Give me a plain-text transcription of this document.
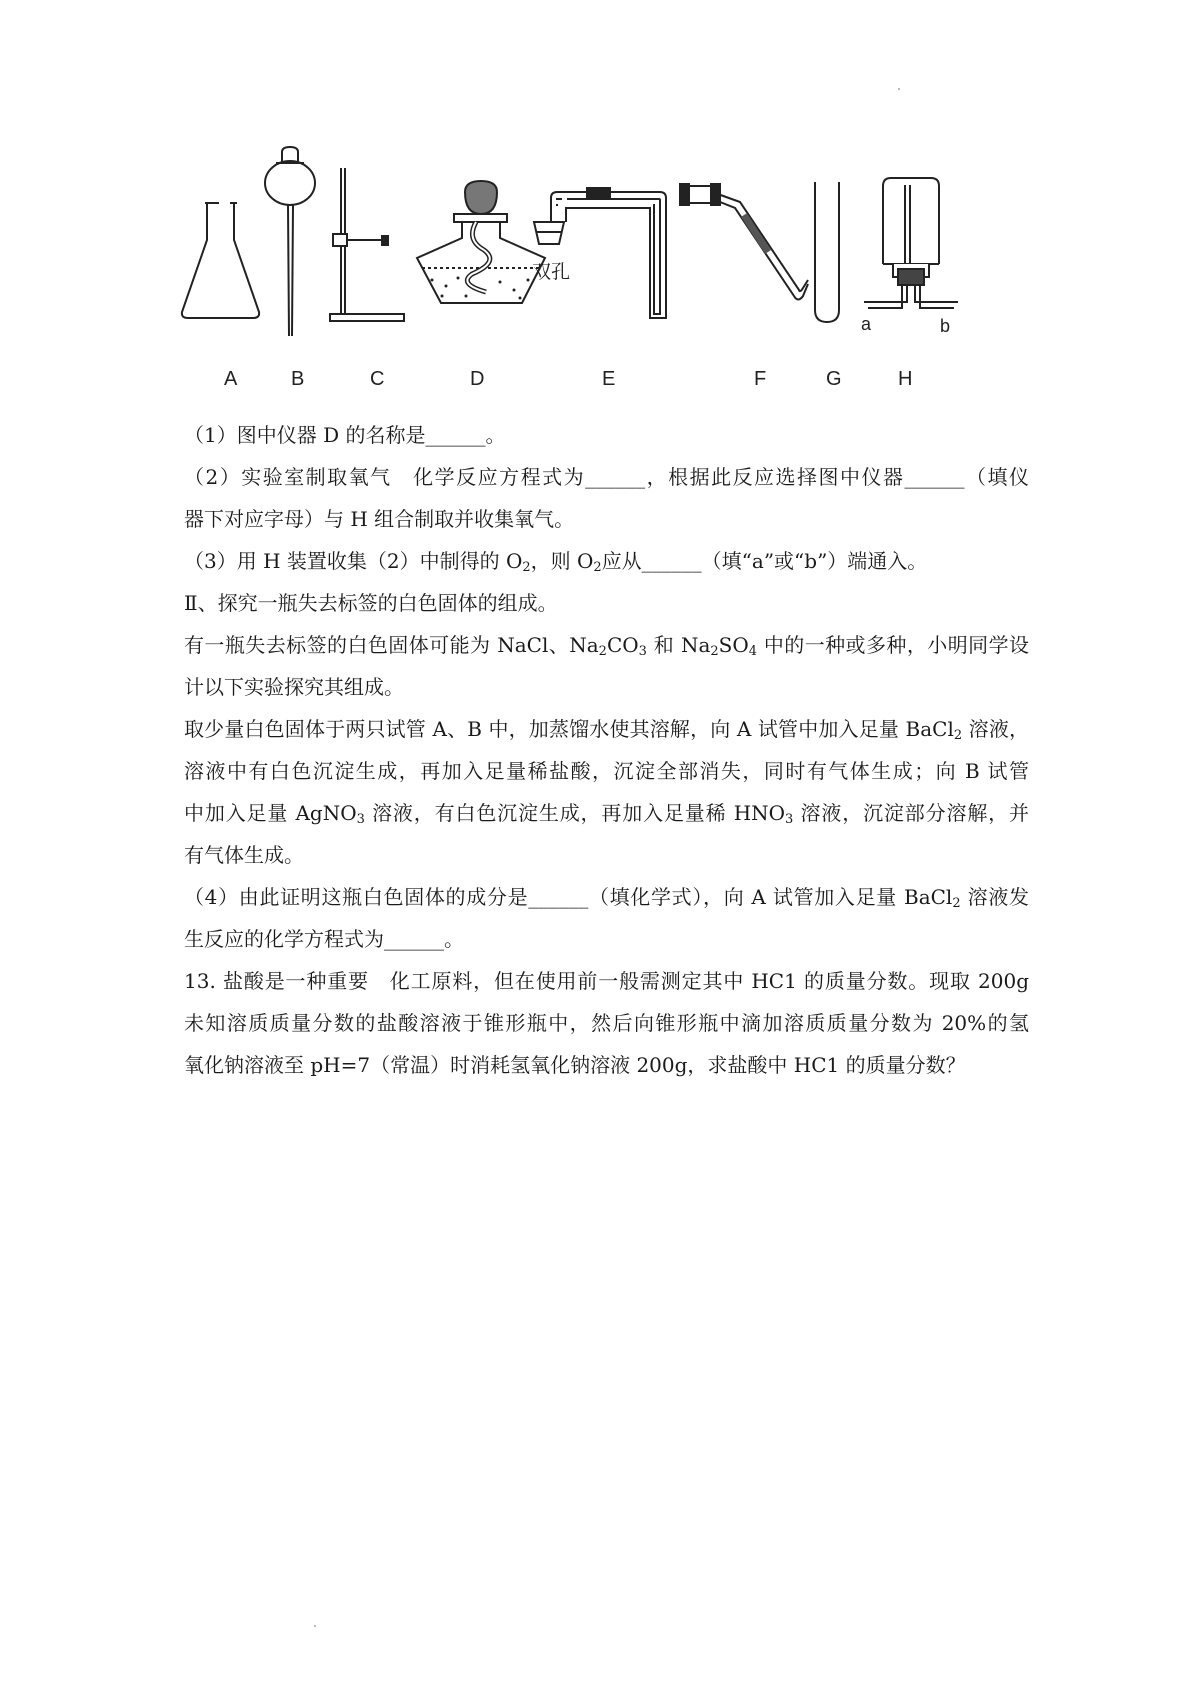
a	b
双孔
A	B	C	D	E	F	G	H
（1）图中仪器 D 的名称是______。
（2）实验室制取氧气　化学反应方程式为______，根据此反应选择图中仪器______（填仪
器下对应字母）与 H 组合制取并收集氧气。
（3）用 H 装置收集（2）中制得的 $O_2$，则 $O_2$应从______（填“a”或“b”）端通入。
Ⅱ、探究一瓶失去标签的白色固体的组成。
有一瓶失去标签的白色固体可能为 NaCl、$Na_2CO_3$ 和 $Na_2SO_4$ 中的一种或多种，小明同学设
计以下实验探究其组成。
取少量白色固体于两只试管 A、B 中，加蒸馏水使其溶解，向 A 试管中加入足量 BaCl$_2$ 溶液，
溶液中有白色沉淀生成，再加入足量稀盐酸，沉淀全部消失，同时有气体生成；向 B 试管
中加入足量 AgNO$_3$ 溶液，有白色沉淀生成，再加入足量稀 $HNO_3$ 溶液，沉淀部分溶解，并
有气体生成。
（4）由此证明这瓶白色固体的成分是______（填化学式），向 A 试管加入足量 BaCl$_2$ 溶液发
生反应的化学方程式为______。
13. 盐酸是一种重要　化工原料，但在使用前一般需测定其中 HC1 的质量分数。现取 200g
未知溶质质量分数的盐酸溶液于锥形瓶中，然后向锥形瓶中滴加溶质质量分数为 20%的氢
氧化钠溶液至 pH=7（常温）时消耗氢氧化钠溶液 200g，求盐酸中 HC1 的质量分数？
